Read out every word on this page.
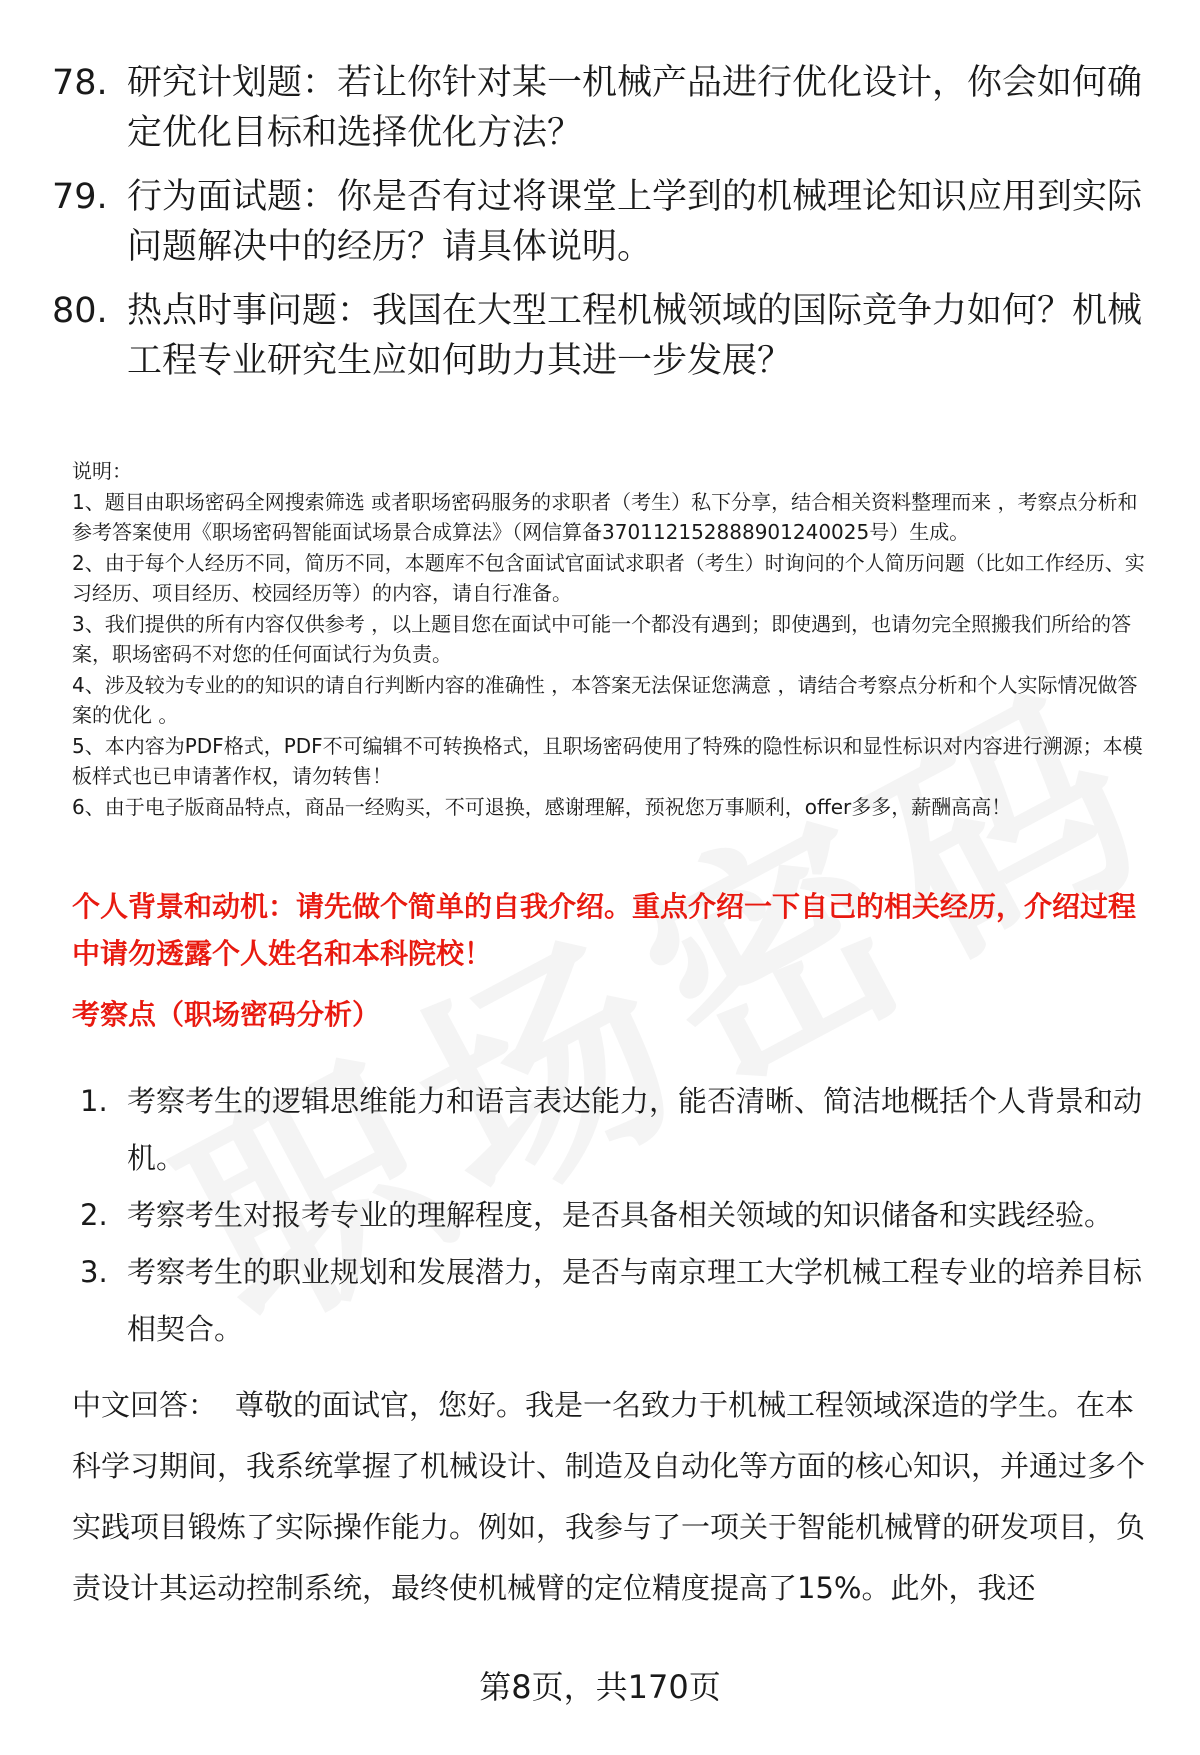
78. 研究计划题：若让你针对某一机械产品进行优化设计，你会如何确定优化目标和选择优化方法？
79. 行为面试题：你是否有过将课堂上学到的机械理论知识应用到实际问题解决中的经历？请具体说明。
80. 热点时事问题：我国在大型工程机械领域的国际竞争力如何？机械工程专业研究生应如何助力其进一步发展？

说明：

1、题目由职场密码全网搜索筛选 或者职场密码服务的求职者（考生）私下分享，结合相关资料整理而来 ，考察点分析和参考答案使用《职场密码智能面试场景合成算法》（网信算备370112152888901240025号）生成。

2、由于每个人经历不同，简历不同，本题库不包含面试官面试求职者（考生）时询问的个人简历问题（比如工作经历、实习经历、项目经历、校园经历等）的内容，请自行准备。

3、我们提供的所有内容仅供参考 ，以上题目您在面试中可能一个都没有遇到；即使遇到，也请勿完全照搬我们所给的答案，职场密码不对您的任何面试行为负责。

4、涉及较为专业的的知识的请自行判断内容的准确性 ，本答案无法保证您满意 ，请结合考察点分析和个人实际情况做答案的优化 。

5、本内容为PDF格式，PDF不可编辑不可转换格式，且职场密码使用了特殊的隐性标识和显性标识对内容进行溯源；本模板样式也已申请著作权，请勿转售！

6、由于电子版商品特点，商品一经购买，不可退换，感谢理解，预祝您万事顺利，offer多多，薪酬高高！

个人背景和动机：请先做个简单的自我介绍。重点介绍一下自己的相关经历，介绍过程中请勿透露个人姓名和本科院校！
考察点（职场密码分析）
1. 考察考生的逻辑思维能力和语言表达能力，能否清晰、简洁地概括个人背景和动机。
2. 考察考生对报考专业的理解程度，是否具备相关领域的知识储备和实践经验。
3. 考察考生的职业规划和发展潜力，是否与南京理工大学机械工程专业的培养目标相契合。

中文回答： 尊敬的面试官，您好。我是一名致力于机械工程领域深造的学生。在本科学习期间，我系统掌握了机械设计、制造及自动化等方面的核心知识，并通过多个实践项目锻炼了实际操作能力。例如，我参与了一项关于智能机械臂的研发项目，负责设计其运动控制系统，最终使机械臂的定位精度提高了15%。此外，我还

第8页，共170页
